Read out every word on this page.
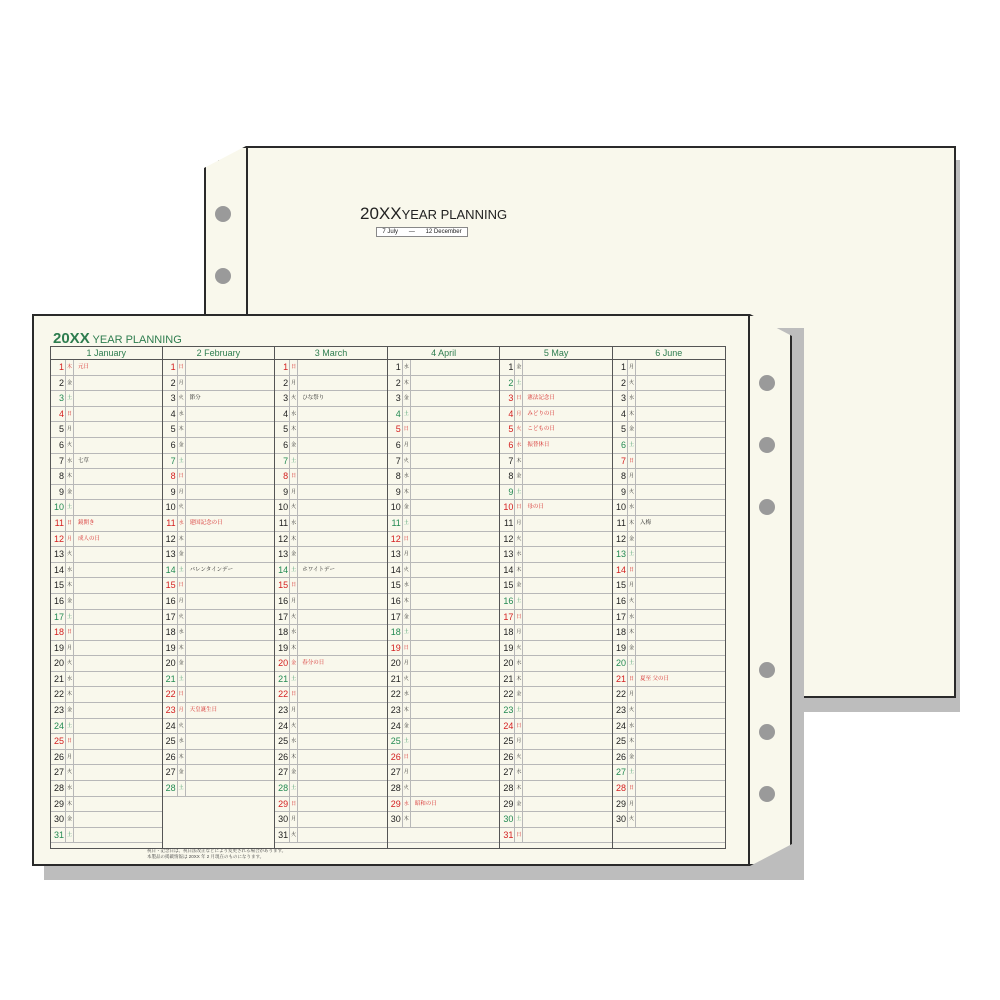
20XXYEAR PLANNING
7 July — 12 December
20XX YEAR PLANNING
1 January
1 木	元日
2 金
3 土
4 日
5 月
6 火
7 水	七草
8 木
9 金
10 土
11 日	鏡開き
12 月	成人の日
13 火
14 水
15 木
16 金
17 土
18 日
19 月
20 火
21 水
22 木
23 金
24 土
25 日
26 月
27 火
28 水
29 木
30 金
31 土
2 February
1 日
2 月
3 火	節分
4 水
5 木
6 金
7 土
8 日
9 月
10 火
11 水	建国記念の日
12 木
13 金
14 土	バレンタインデー
15 日
16 月
17 火
18 水
19 木
20 金
21 土
22 日
23 月	天皇誕生日
24 火
25 水
26 木
27 金
28 土
3 March
1 日
2 月
3 火	ひな祭り
4 水
5 木
6 金
7 土
8 日
9 月
10 火
11 水
12 木
13 金
14 土	ホワイトデー
15 日
16 月
17 火
18 水
19 木
20 金	春分の日
21 土
22 日
23 月
24 火
25 水
26 木
27 金
28 土
29 日
30 月
31 火
4 April
1 水
2 木
3 金
4 土
5 日
6 月
7 火
8 水
9 木
10 金
11 土
12 日
13 月
14 火
15 水
16 木
17 金
18 土
19 日
20 月
21 火
22 水
23 木
24 金
25 土
26 日
27 月
28 火
29 水	昭和の日
30 木
5 May
1 金
2 土
3 日	憲法記念日
4 月	みどりの日
5 火	こどもの日
6 水	振替休日
7 木
8 金
9 土
10 日	母の日
11 月
12 火
13 水
14 木
15 金
16 土
17 日
18 月
19 火
20 水
21 木
22 金
23 土
24 日
25 月
26 火
27 水
28 木
29 金
30 土
31 日
6 June
1 月
2 火
3 水
4 木
5 金
6 土
7 日
8 月
9 火
10 水
11 木	入梅
12 金
13 土
14 日
15 月
16 火
17 水
18 木
19 金
20 土
21 日	夏至 父の日
22 月
23 火
24 水
25 木
26 金
27 土
28 日
29 月
30 火
祝日・記念日は、祝日法改正などにより変更される場合があります。
本製品の掲載情報は 20XX 年 2 月現在のものになります。
